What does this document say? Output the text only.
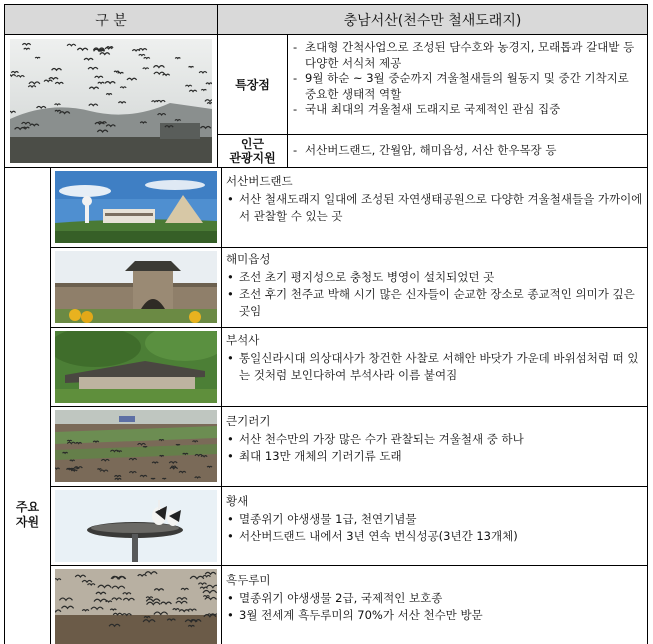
구 분	충남서산(천수만 철새도래지)
특장점
- 초대형 간척사업으로 조성된 담수호와 농경지, 모래톱과 갈대밭 등 다양한 서식처 제공
- 9월 하순 ~ 3월 중순까지 겨울철새들의 월동지 및 중간 기착지로 중요한 생태적 역할
- 국내 최대의 겨울철새 도래지로 국제적인 관심 집중
인근
관광지원
- 서산버드랜드, 간월암, 해미읍성, 서산 한우목장 등
주요
자원
서산버드랜드
• 서산 철새도래지 일대에 조성된 자연생태공원으로 다양한 겨울철새들을 가까이에서 관찰할 수 있는 곳
해미읍성
• 조선 초기 평지성으로 충청도 병영이 설치되었던 곳
• 조선 후기 천주교 박해 시기 많은 신자들이 순교한 장소로 종교적인 의미가 깊은 곳임
부석사
• 통일신라시대 의상대사가 창건한 사찰로 서해안 바닷가 가운데 바위섬처럼 떠 있는 것처럼 보인다하여 부석사라 이름 붙여짐
큰기러기
• 서산 천수만의 가장 많은 수가 관찰되는 겨울철새 중 하나
• 최대 13만 개체의 기러기류 도래
황새
• 멸종위기 야생생물 1급, 천연기념물
• 서산버드랜드 내에서 3년 연속 번식성공(3년간 13개체)
흑두루미
• 멸종위기 야생생물 2급, 국제적인 보호종
• 3월 전세계 흑두루미의 70%가 서산 천수만 방문
